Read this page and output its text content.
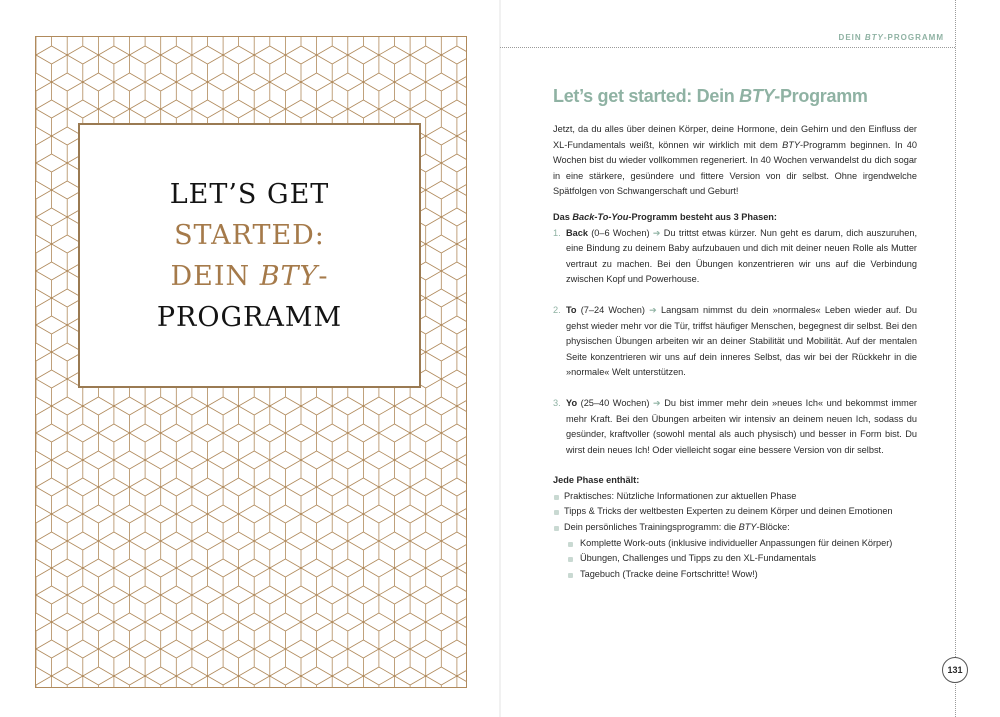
LET’S GET
STARTED:
DEIN BTY-
PROGRAMM
DEIN BTY-PROGRAMM
131
Let’s get started: Dein BTY-Programm
Jetzt, da du alles über deinen Körper, deine Hormone, dein Gehirn und den Einfluss der XL-Fundamentals weißt, können wir wirklich mit dem BTY-Programm beginnen. In 40 Wochen bist du wieder vollkommen regeneriert. In 40 Wochen verwandelst du dich sogar in eine stärkere, gesündere und fittere Version von dir selbst. Ohne irgendwelche Spätfolgen von Schwangerschaft und Geburt!
Das Back-To-You-Programm besteht aus 3 Phasen:
1. Back (0–6 Wochen) ➔ Du trittst etwas kürzer. Nun geht es darum, dich auszuruhen, eine Bindung zu deinem Baby aufzubauen und dich mit deiner neuen Rolle als Mutter vertraut zu machen. Bei den Übungen konzentrieren wir uns auf die Verbindung zwischen Kopf und Powerhouse.
2. To (7–24 Wochen) ➔ Langsam nimmst du dein »normales« Leben wieder auf. Du gehst wieder mehr vor die Tür, triffst häufiger Menschen, begegnest dir selbst. Bei den physischen Übungen arbeiten wir an deiner Stabilität und Mobilität. Auf der mentalen Seite konzentrieren wir uns auf dein inneres Selbst, das wir bei der Rückkehr in die »normale« Welt unterstützen.
3. Yo (25–40 Wochen) ➔ Du bist immer mehr dein »neues Ich« und bekommst immer mehr Kraft. Bei den Übungen arbeiten wir intensiv an deinem neuen Ich, sodass du gesünder, kraftvoller (sowohl mental als auch physisch) und besser in Form bist. Du wirst dein neues Ich! Oder vielleicht sogar eine bessere Version von dir selbst.
Jede Phase enthält:
Praktisches: Nützliche Informationen zur aktuellen Phase
Tipps & Tricks der weltbesten Experten zu deinem Körper und deinen Emotionen
Dein persönliches Trainingsprogramm: die BTY-Blöcke:
Komplette Work-outs (inklusive individueller Anpassungen für deinen Körper)
Übungen, Challenges und Tipps zu den XL-Fundamentals
Tagebuch (Tracke deine Fortschritte! Wow!)
